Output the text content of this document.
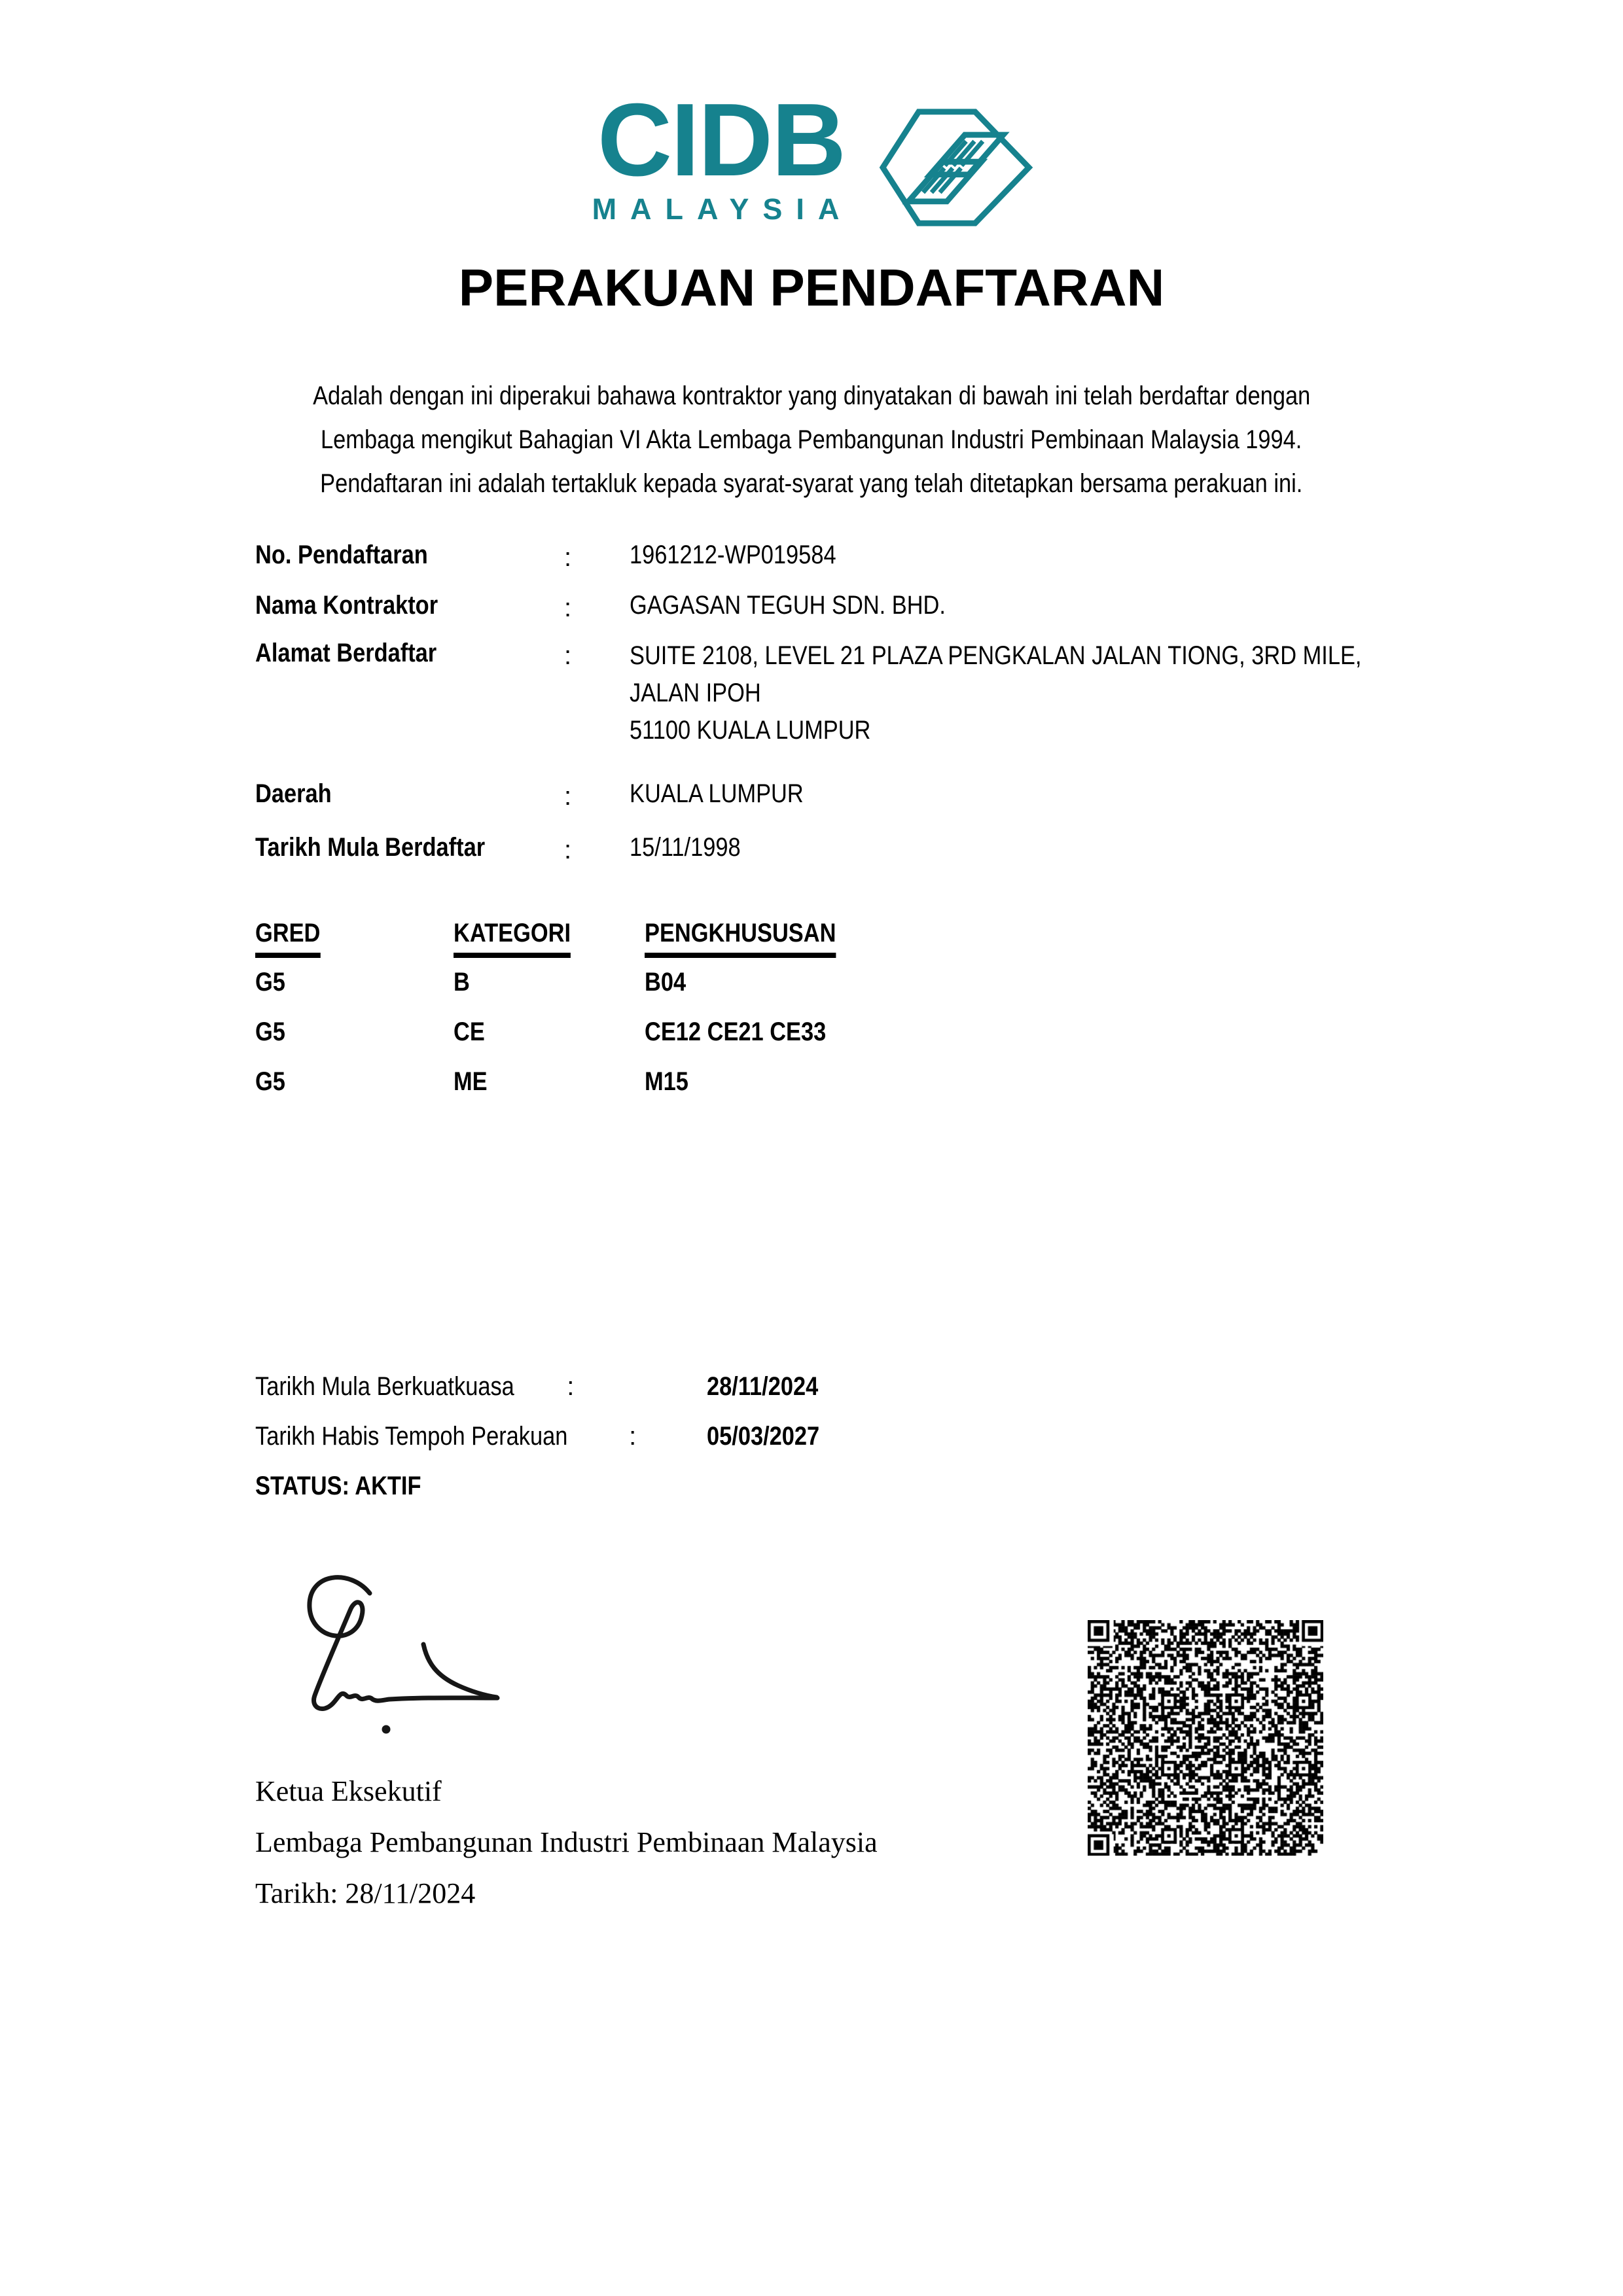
CIDB
MALAYSIA
PERAKUAN PENDAFTARAN
Adalah dengan ini diperakui bahawa kontraktor yang dinyatakan di bawah ini telah berdaftar dengan
Lembaga mengikut Bahagian VI Akta Lembaga Pembangunan Industri Pembinaan Malaysia 1994.
Pendaftaran ini adalah tertakluk kepada syarat-syarat yang telah ditetapkan bersama perakuan ini.
No. Pendaftaran	: 1961212-WP019584
Nama Kontraktor	: GAGASAN TEGUH SDN. BHD.
Alamat Berdaftar	: SUITE 2108, LEVEL 21 PLAZA PENGKALAN JALAN TIONG, 3RD MILE,
JALAN IPOH
51100 KUALA LUMPUR
Daerah	: KUALA LUMPUR
Tarikh Mula Berdaftar	: 15/11/1998
GRED	KATEGORI	PENGKHUSUSAN
G5	B	B04
G5	CE	CE12 CE21 CE33
G5	ME	M15
Tarikh Mula Berkuatkuasa :	28/11/2024
Tarikh Habis Tempoh Perakuan :	05/03/2027
STATUS: AKTIF
Ketua Eksekutif
Lembaga Pembangunan Industri Pembinaan Malaysia
Tarikh: 28/11/2024
